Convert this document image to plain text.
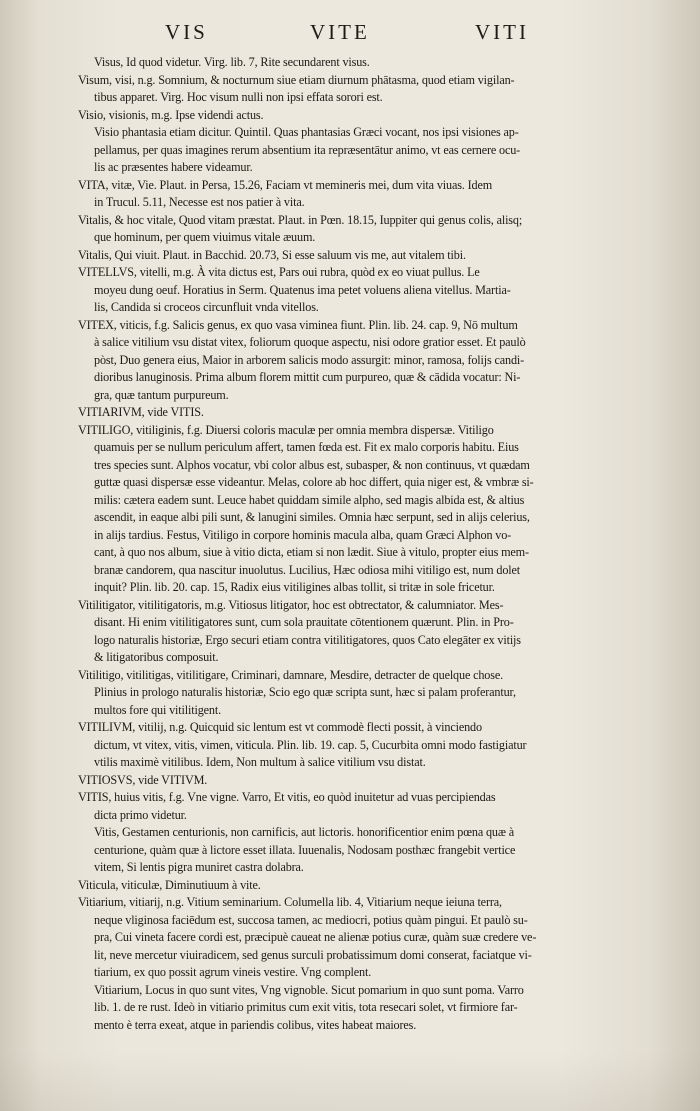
VIS	VITE	VITI
Visus, Id quod videtur. Virg. lib. 7, Rite secundarent visus.
Visum, visi, n.g. Somnium, & nocturnum siue etiam diurnum phātasma, quod etiam vigilan-
tibus apparet. Virg. Hoc visum nulli non ipsi effata sorori est.
Visio, visionis, m.g. Ipse videndi actus.
Visio phantasia etiam dicitur. Quintil. Quas phantasias Græci vocant, nos ipsi visiones ap-
pellamus, per quas imagines rerum absentium ita repræsentātur animo, vt eas cernere ocu-
lis ac præsentes habere videamur.
VITA, vitæ, Vie. Plaut. in Persa, 15.26, Faciam vt memineris mei, dum vita viuas. Idem
in Trucul. 5.11, Necesse est nos patier à vita.
Vitalis, & hoc vitale, Quod vitam præstat. Plaut. in Pœn. 18.15, Iuppiter qui genus colis, alisq;
que hominum, per quem viuimus vitale æuum.
Vitalis, Qui viuit. Plaut. in Bacchid. 20.73, Si esse saluum vis me, aut vitalem tibi.
VITELLVS, vitelli, m.g. À vita dictus est, Pars oui rubra, quòd ex eo viuat pullus. Le
moyeu dung oeuf. Horatius in Serm. Quatenus ima petet voluens aliena vitellus. Martia-
lis, Candida si croceos circunfluit vnda vitellos.
VITEX, viticis, f.g. Salicis genus, ex quo vasa viminea fiunt. Plin. lib. 24. cap. 9, Nō multum
à salice vitilium vsu distat vitex, foliorum quoque aspectu, nisi odore gratior esset. Et paulò
pòst, Duo genera eius, Maior in arborem salicis modo assurgit: minor, ramosa, folijs candi-
dioribus lanuginosis. Prima album florem mittit cum purpureo, quæ & cādida vocatur: Ni-
gra, quæ tantum purpureum.
VITIARIVM, vide VITIS.
VITILIGO, vitiliginis, f.g. Diuersi coloris maculæ per omnia membra dispersæ. Vitiligo
quamuis per se nullum periculum affert, tamen fœda est. Fit ex malo corporis habitu. Eius
tres species sunt. Alphos vocatur, vbi color albus est, subasper, & non continuus, vt quædam
guttæ quasi dispersæ esse videantur. Melas, colore ab hoc differt, quia niger est, & vmbræ si-
milis: cætera eadem sunt. Leuce habet quiddam simile alpho, sed magis albida est, & altius
ascendit, in eaque albi pili sunt, & lanugini similes. Omnia hæc serpunt, sed in alijs celerius,
in alijs tardius. Festus, Vitiligo in corpore hominis macula alba, quam Græci Alphon vo-
cant, à quo nos album, siue à vitio dicta, etiam si non lædit. Siue à vitulo, propter eius mem-
branæ candorem, qua nascitur inuolutus. Lucilius, Hæc odiosa mihi vitiligo est, num dolet
inquit? Plin. lib. 20. cap. 15, Radix eius vitiligines albas tollit, si tritæ in sole fricetur.
Vitilitigator, vitilitigatoris, m.g. Vitiosus litigator, hoc est obtrectator, & calumniator. Mes-
disant. Hi enim vitilitigatores sunt, cum sola prauitate cōtentionem quærunt. Plin. in Pro-
logo naturalis historiæ, Ergo securi etiam contra vitilitigatores, quos Cato elegāter ex vitijs
& litigatoribus composuit.
Vitilitigo, vitilitigas, vitilitigare, Criminari, damnare, Mesdire, detracter de quelque chose.
Plinius in prologo naturalis historiæ, Scio ego quæ scripta sunt, hæc si palam proferantur,
multos fore qui vitilitigent.
VITILIVM, vitilij, n.g. Quicquid sic lentum est vt commodè flecti possit, à vinciendo
dictum, vt vitex, vitis, vimen, viticula. Plin. lib. 19. cap. 5, Cucurbita omni modo fastigiatur
vtilis maximè vitilibus. Idem, Non multum à salice vitilium vsu distat.
VITIOSVS, vide VITIVM.
VITIS, huius vitis, f.g. Vne vigne. Varro, Et vitis, eo quòd inuitetur ad vuas percipiendas
dicta primo videtur.
Vitis, Gestamen centurionis, non carnificis, aut lictoris. honorificentior enim pœna quæ à
centurione, quàm quæ à lictore esset illata. Iuuenalis, Nodosam posthæc frangebit vertice
vitem, Si lentis pigra muniret castra dolabra.
Viticula, viticulæ, Diminutiuum à vite.
Vitiarium, vitiarij, n.g. Vitium seminarium. Columella lib. 4, Vitiarium neque ieiuna terra,
neque vliginosa faciēdum est, succosa tamen, ac mediocri, potius quàm pingui. Et paulò su-
pra, Cui vineta facere cordi est, præcipuè caueat ne alienæ potius curæ, quàm suæ credere ve-
lit, neve mercetur viuiradicem, sed genus surculi probatissimum domi conserat, faciatque vi-
tiarium, ex quo possit agrum vineis vestire. Vng complent.
Vitiarium, Locus in quo sunt vites, Vng vignoble. Sicut pomarium in quo sunt poma. Varro
lib. 1. de re rust. Ideò in vitiario primitus cum exit vitis, tota resecari solet, vt firmiore far-
mento è terra exeat, atque in pariendis colibus, vites habeat maiores.
